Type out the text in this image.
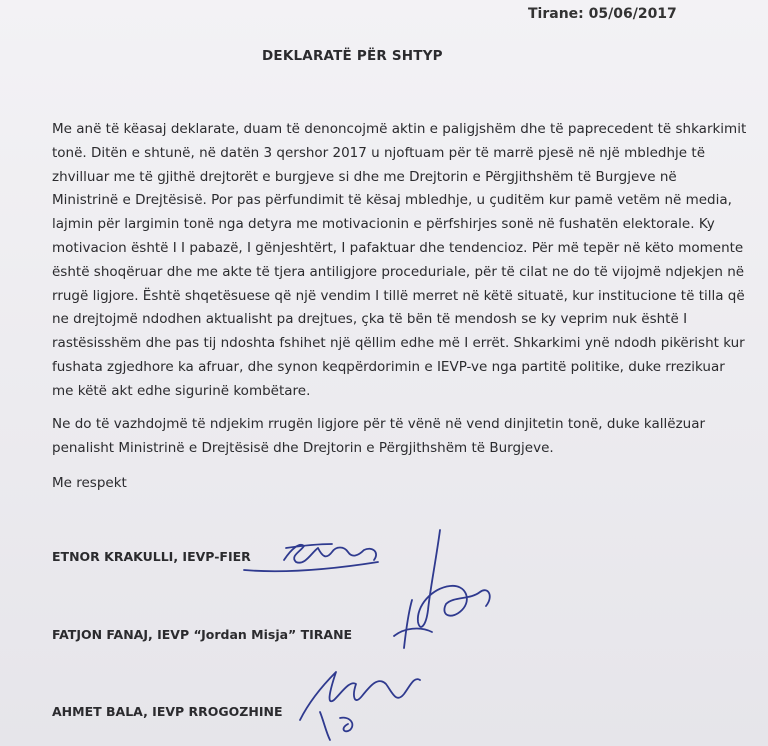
Tirane: 05/06/2017
DEKLARATË PËR SHTYP
Me anë të këasaj deklarate, duam të denoncojmë aktin e paligjshëm dhe të paprecedent të shkarkimit
tonë. Ditën e shtunë, në datën 3 qershor 2017 u njoftuam për të marrë pjesë në një mbledhje të
zhvilluar me të gjithë drejtorët e burgjeve si dhe me Drejtorin e Përgjithshëm të Burgjeve në
Ministrinë e Drejtësisë. Por pas përfundimit të kësaj mbledhje, u çuditëm kur pamë vetëm në media,
lajmin për largimin tonë nga detyra me motivacionin e përfshirjes sonë në fushatën elektorale. Ky
motivacion është I I pabazë, I gënjeshtërt, I pafaktuar dhe tendencioz. Për më tepër në këto momente
është shoqëruar dhe me akte të tjera antiligjore proceduriale, për të cilat ne do të vijojmë ndjekjen në
rrugë ligjore. Është shqetësuese që një vendim I tillë merret në këtë situatë, kur institucione të tilla që
ne drejtojmë ndodhen aktualisht pa drejtues, çka të bën të mendosh se ky veprim nuk është I
rastësisshëm dhe pas tij ndoshta fshihet një qëllim edhe më I errët. Shkarkimi ynë ndodh pikërisht kur
fushata zgjedhore ka afruar, dhe synon keqpërdorimin e IEVP-ve nga partitë politike, duke rrezikuar
me këtë akt edhe sigurinë kombëtare.
Ne do të vazhdojmë të ndjekim rrugën ligjore për të vënë në vend dinjitetin tonë, duke kallëzuar
penalisht Ministrinë e Drejtësisë dhe Drejtorin e Përgjithshëm të Burgjeve.
Me respekt
ETNOR KRAKULLI, IEVP-FIER
FATJON FANAJ, IEVP “Jordan Misja” TIRANE
AHMET BALA, IEVP RROGOZHINE
